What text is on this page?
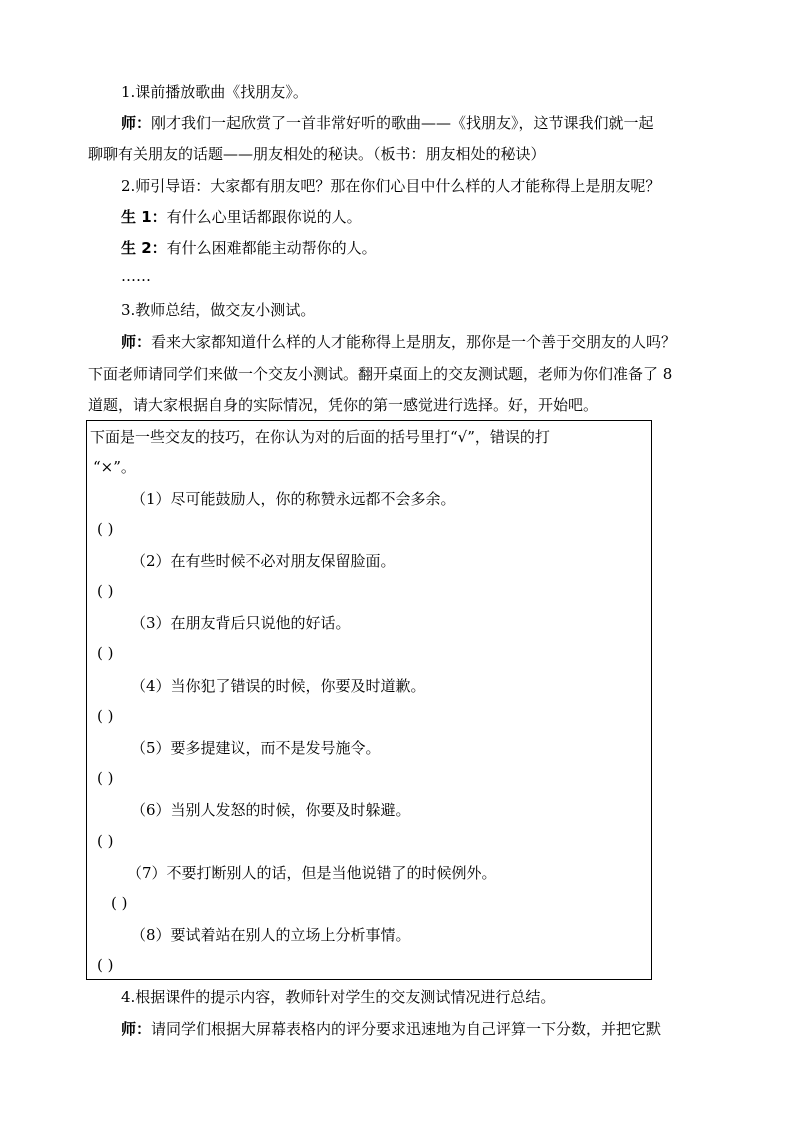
1.课前播放歌曲《找朋友》。
师：刚才我们一起欣赏了一首非常好听的歌曲——《找朋友》，这节课我们就一起
聊聊有关朋友的话题——朋友相处的秘诀。（板书：朋友相处的秘诀）
2.师引导语：大家都有朋友吧？那在你们心目中什么样的人才能称得上是朋友呢？
生 1：有什么心里话都跟你说的人。
生 2：有什么困难都能主动帮你的人。
……
3.教师总结，做交友小测试。
师：看来大家都知道什么样的人才能称得上是朋友，那你是一个善于交朋友的人吗？
下面老师请同学们来做一个交友小测试。翻开桌面上的交友测试题，老师为你们准备了 8
道题，请大家根据自身的实际情况，凭你的第一感觉进行选择。好，开始吧。
下面是一些交友的技巧，在你认为对的后面的括号里打“√”，错误的打
“×”。
（1）尽可能鼓励人，你的称赞永远都不会多余。
( )
（2）在有些时候不必对朋友保留脸面。
( )
（3）在朋友背后只说他的好话。
( )
（4）当你犯了错误的时候，你要及时道歉。
( )
（5）要多提建议，而不是发号施令。
( )
（6）当别人发怒的时候，你要及时躲避。
( )
（7）不要打断别人的话，但是当他说错了的时候例外。
( )
（8）要试着站在别人的立场上分析事情。
( )
4.根据课件的提示内容，教师针对学生的交友测试情况进行总结。
师：请同学们根据大屏幕表格内的评分要求迅速地为自己评算一下分数，并把它默
